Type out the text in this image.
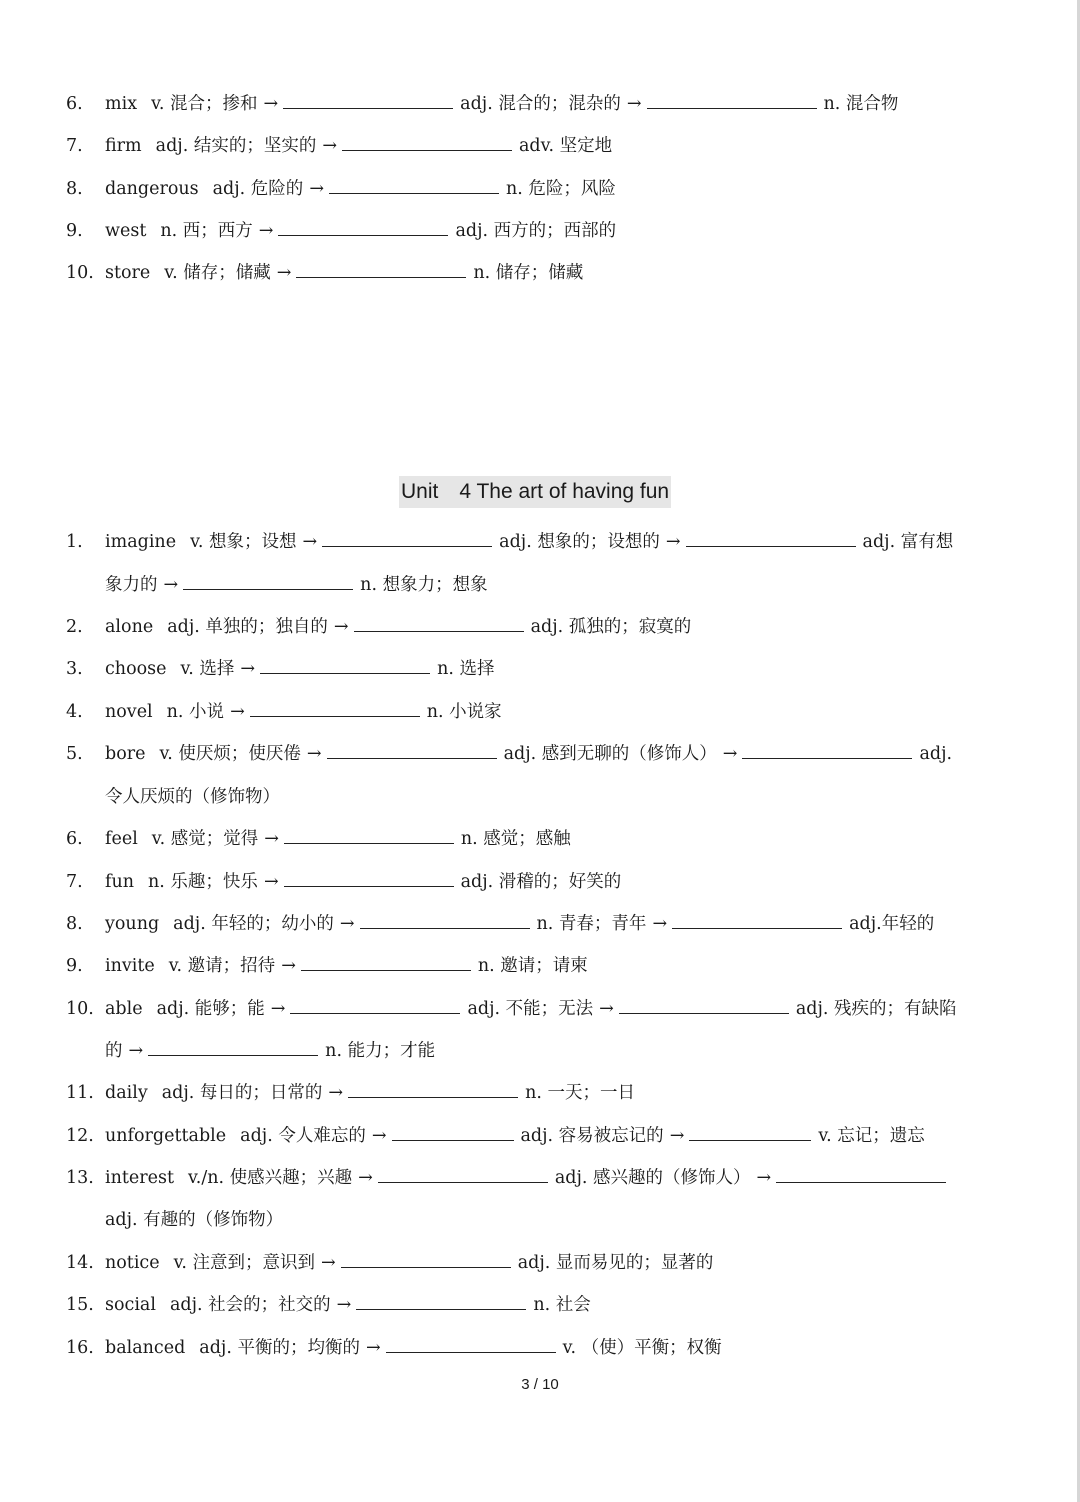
6. mix v. 混合；掺和 →	adj. 混合的；混杂的 →	n. 混合物
7. firm adj. 结实的；坚实的 →	adv. 坚定地
8. dangerous adj. 危险的 →	n. 危险；风险
9. west n. 西；西方 →	adj. 西方的；西部的
10. store v. 储存；储藏 →	n. 储存；储藏
Unit　4 The art of having fun
1. imagine v. 想象；设想 →	adj. 想象的；设想的 →	adj. 富有想
象力的 →	n. 想象力；想象
2. alone adj. 单独的；独自的 →	adj. 孤独的；寂寞的
3. choose v. 选择 →	n. 选择
4. novel n. 小说 →	n. 小说家
5. bore v. 使厌烦；使厌倦 →	adj. 感到无聊的（修饰人） →	adj.
令人厌烦的（修饰物）
6. feel v. 感觉；觉得 →	n. 感觉；感触
7. fun n. 乐趣；快乐 →	adj. 滑稽的；好笑的
8. young adj. 年轻的；幼小的 →	n. 青春；青年 →	adj.年轻的
9. invite v. 邀请；招待 →	n. 邀请；请柬
10. able adj. 能够；能 →	adj. 不能；无法 →	adj. 残疾的；有缺陷
的 →	n. 能力；才能
11. daily adj. 每日的；日常的 →	n. 一天；一日
12. unforgettable adj. 令人难忘的 →	adj. 容易被忘记的 →	v. 忘记；遗忘
13. interest v./n. 使感兴趣；兴趣 →	adj. 感兴趣的（修饰人） →
adj. 有趣的（修饰物）
14. notice v. 注意到；意识到 →	adj. 显而易见的；显著的
15. social adj. 社会的；社交的 →	n. 社会
16. balanced adj. 平衡的；均衡的 →	v. （使）平衡；权衡
3 / 10
